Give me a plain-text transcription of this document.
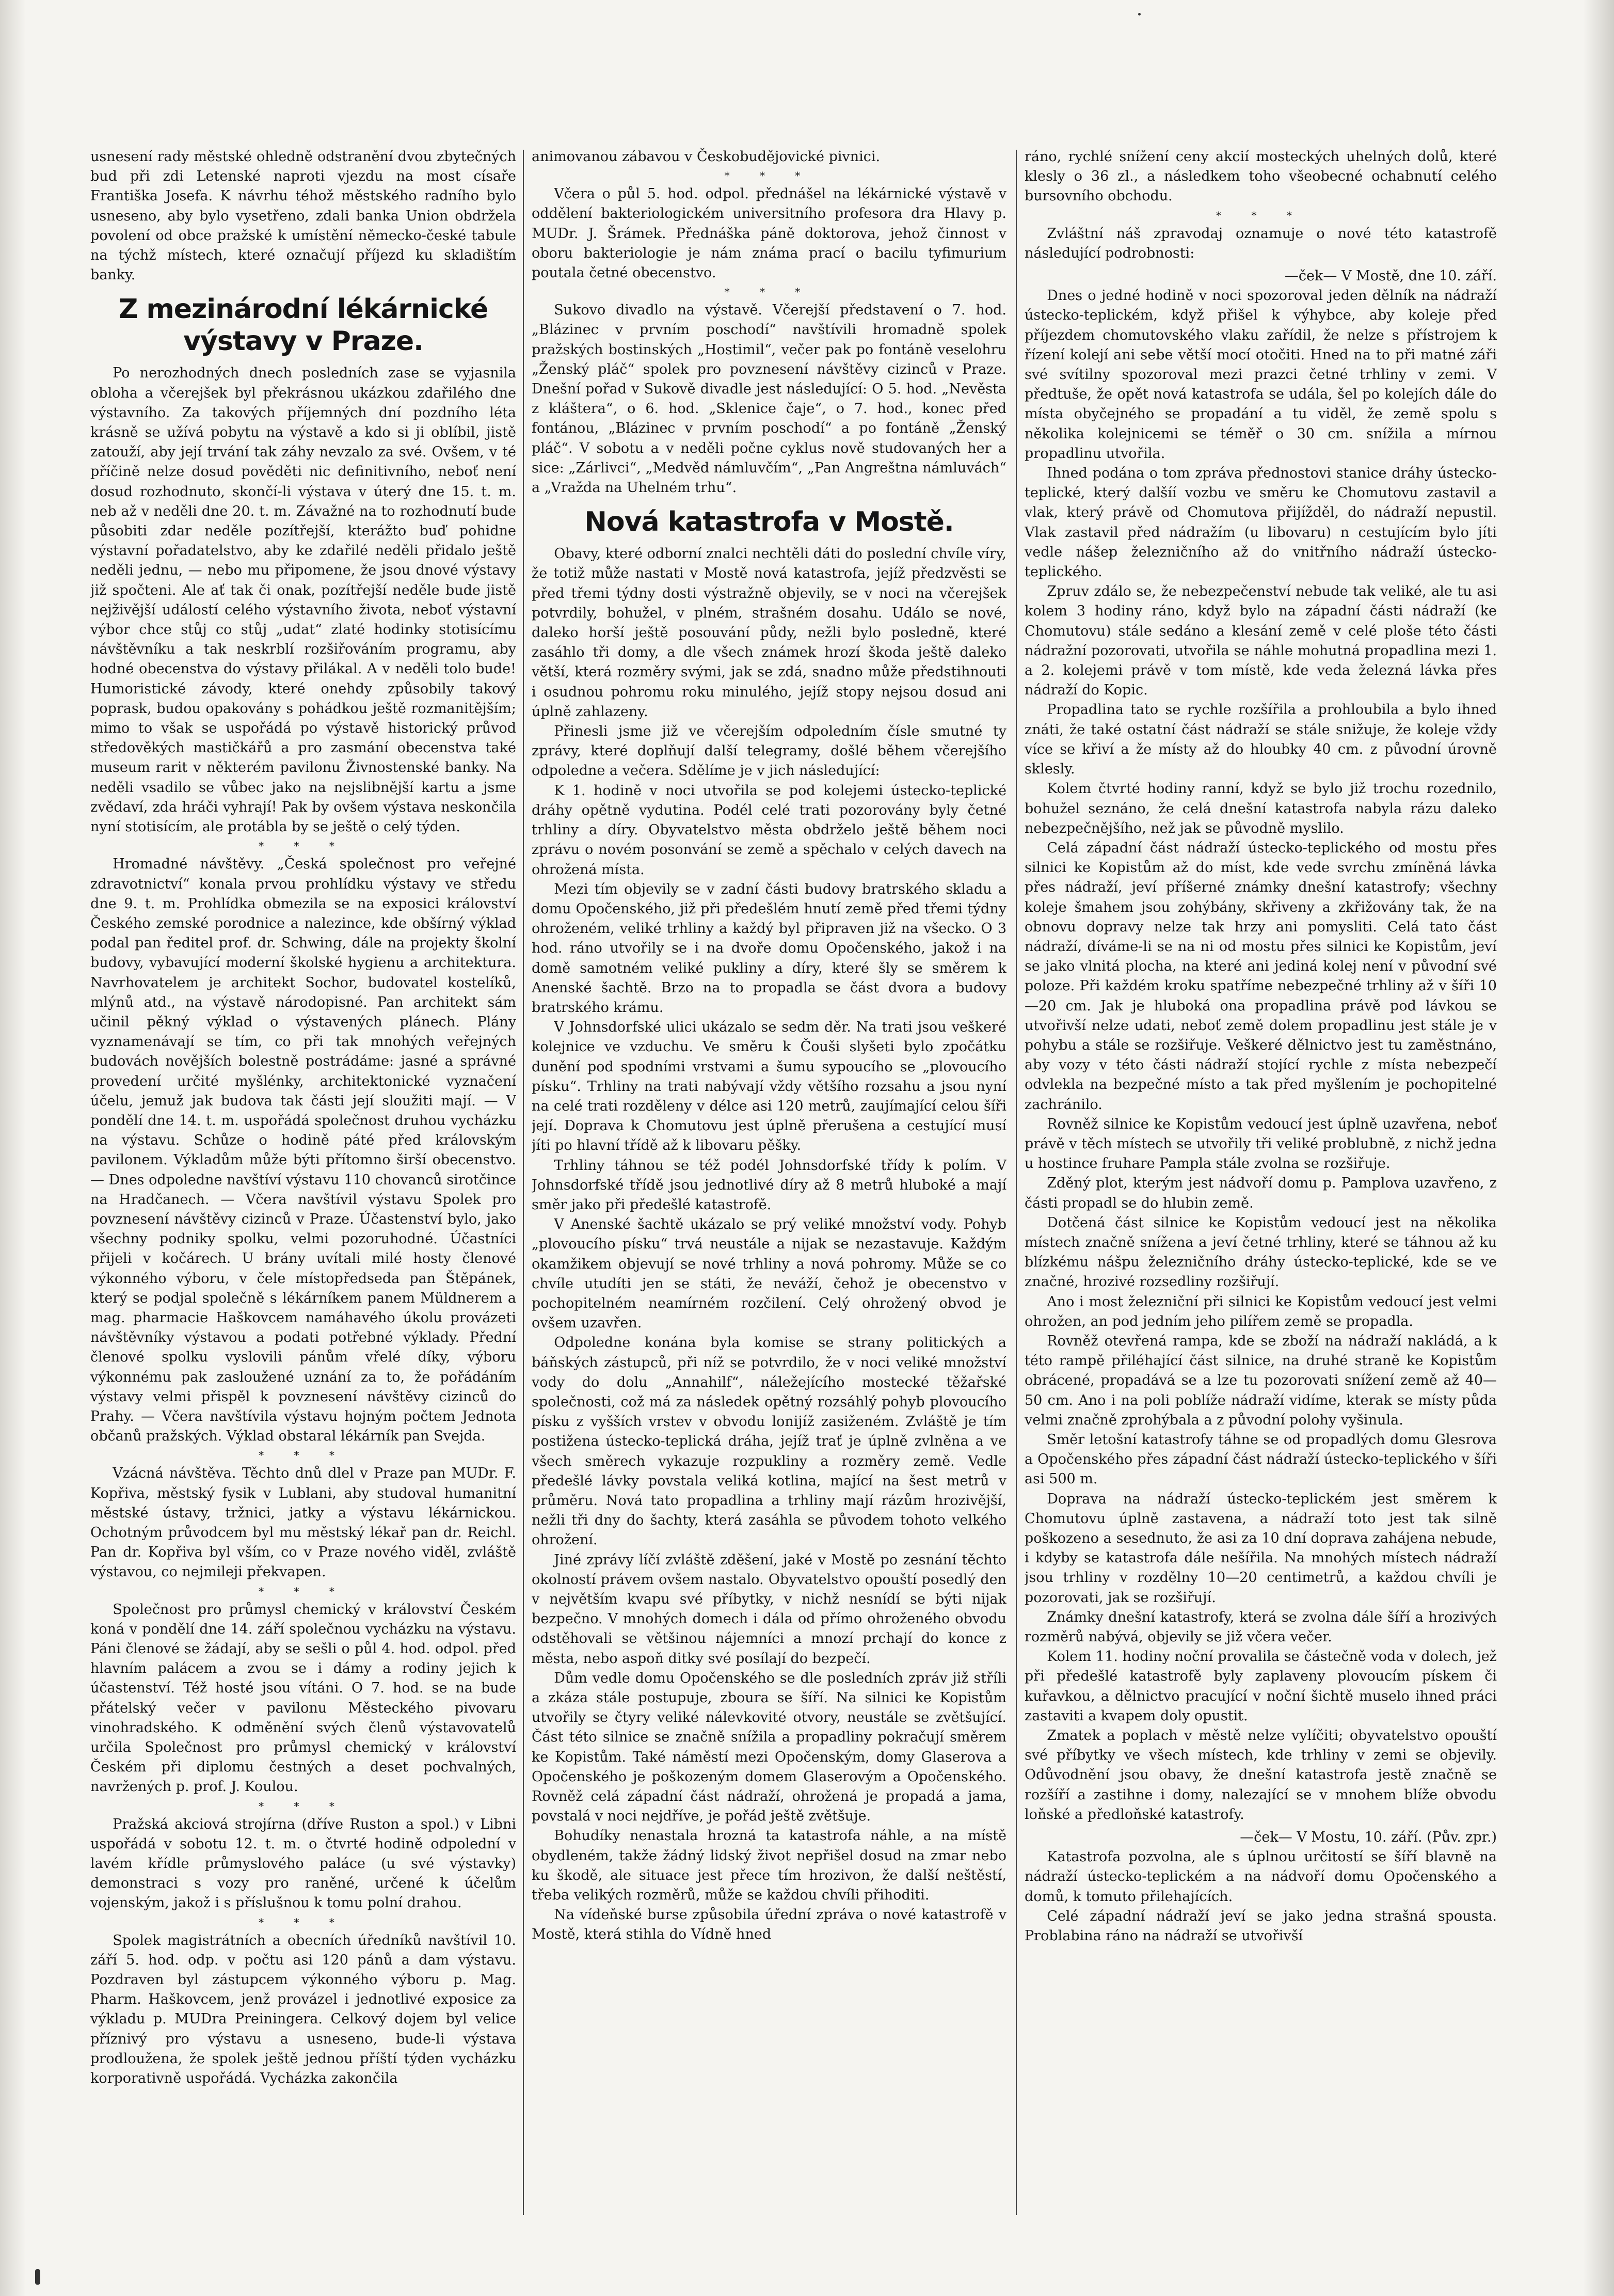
usnesení rady městské ohledně odstranění dvou zbytečných bud při zdi Letenské naproti vjezdu na most císaře Františka Josefa. K návrhu téhož městského radního bylo usneseno, aby bylo vysetřeno, zdali banka Union obdržela povolení od obce pražské k umístění německo-české tabule na týchž místech, které označují příjezd ku skladištím banky.

Z mezinárodní lékárnické výstavy v Praze.

Po nerozhodných dnech posledních zase se vyjasnila obloha a včerejšek byl překrásnou ukázkou zdařilého dne výstavního. Za takových příjemných dní pozdního léta krásně se užívá pobytu na výstavě a kdo si ji oblíbil, jistě zatouží, aby její trvání tak záhy nevzalo za své. Ovšem, v té příčině nelze dosud pověděti nic definitivního, neboť není dosud rozhodnuto, skončí-li výstava v úterý dne 15. t. m. neb až v neděli dne 20. t. m. Závažné na to rozhodnutí bude působiti zdar neděle pozítřejší, kterážto buď pohidne výstavní pořadatelstvo, aby ke zdařilé neděli přidalo ještě neděli jednu, — nebo mu připomene, že jsou dnové výstavy již spočteni. Ale ať tak či onak, pozítřejší neděle bude jistě nejživější událostí celého výstavního života, neboť výstavní výbor chce stůj co stůj „udat“ zlaté hodinky stotisícímu návštěvníku a tak neskrblí rozšiřováním programu, aby hodné obecenstva do výstavy přilákal. A v neděli tolo bude! Humoristické závody, které onehdy způsobily takový poprask, budou opakovány s pohádkou ještě rozmanitějším; mimo to však se uspořádá po výstavě historický průvod středověkých mastičkářů a pro zasmání obecenstva také museum rarit v některém pavilonu Živnostenské banky. Na neděli vsadilo se vůbec jako na nejslibnější kartu a jsme zvědaví, zda hráči vyhrají! Pak by ovšem výstava neskončila nyní stotisícím, ale protábla by se ještě o celý týden.

* * *

Hromadné návštěvy. „Česká společnost pro veřejné zdravotnictví“ konala prvou prohlídku výstavy ve středu dne 9. t. m. Prohlídka obmezila se na exposici království Českého zemské porodnice a nalezince, kde obšírný výklad podal pan ředitel prof. dr. Schwing, dále na projekty školní budovy, vybavující moderní školské hygienu a architektura. Navrhovatelem je architekt Sochor, budovatel kostelíků, mlýnů atd., na výstavě národopisné. Pan architekt sám učinil pěkný výklad o výstavených plánech. Plány vyznamenávají se tím, co při tak mnohých veřejných budovách novějších bolestně postrádáme: jasné a správné provedení určité myšlénky, architektonické vyznačení účelu, jemuž jak budova tak části její sloužiti mají. — V pondělí dne 14. t. m. uspořádá společnost druhou vycházku na výstavu. Schůze o hodině páté před královským pavilonem. Výkladům může býti přítomno širší obecenstvo. — Dnes odpoledne navštíví výstavu 110 chovanců sirotčince na Hradčanech. — Včera navštívil výstavu Spolek pro povznesení návštěvy cizinců v Praze. Účastenství bylo, jako všechny podniky spolku, velmi pozoruhodné. Účastníci přijeli v kočárech. U brány uvítali milé hosty členové výkonného výboru, v čele místopředseda pan Štěpánek, který se podjal společně s lékárníkem panem Müldnerem a mag. pharmacie Haškovcem namáhavého úkolu provázeti návštěvníky výstavou a podati potřebné výklady. Přední členové spolku vyslovili pánům vřelé díky, výboru výkonnému pak zasloužené uznání za to, že pořádáním výstavy velmi přispěl k povznesení návštěvy cizinců do Prahy. — Včera navštívila výstavu hojným počtem Jednota občanů pražských. Výklad obstaral lékárník pan Svejda.

* * *

Vzácná návštěva. Těchto dnů dlel v Praze pan MUDr. F. Kopřiva, městský fysik v Lublani, aby studoval humanitní městské ústavy, tržnici, jatky a výstavu lékárnickou. Ochotným průvodcem byl mu městský lékař pan dr. Reichl. Pan dr. Kopřiva byl vším, co v Praze nového viděl, zvláště výstavou, co nejmileji překvapen.

* * *

Společnost pro průmysl chemický v království Českém koná v pondělí dne 14. září společnou vycházku na výstavu. Páni členové se žádají, aby se sešli o půl 4. hod. odpol. před hlavním palácem a zvou se i dámy a rodiny jejich k účastenství. Též hosté jsou vítáni. O 7. hod. se na bude přátelský večer v pavilonu Městeckého pivovaru vinohradského. K odměnění svých členů výstavovatelů určila Společnost pro průmysl chemický v království Českém při diplomu čestných a deset pochvalných, navržených p. prof. J. Koulou.

* * *

Pražská akciová strojírna (dříve Ruston a spol.) v Libni uspořádá v sobotu 12. t. m. o čtvrté hodině odpolední v lavém křídle průmyslového paláce (u své výstavky) demonstraci s vozy pro raněné, určené k účelům vojenským, jakož i s příslušnou k tomu polní drahou.

* * *

Spolek magistrátních a obecních úředníků navštívil 10. září 5. hod. odp. v počtu asi 120 pánů a dam výstavu. Pozdraven byl zástupcem výkonného výboru p. Mag. Pharm. Haškovcem, jenž provázel i jednotlivé exposice za výkladu p. MUDra Preiningera. Celkový dojem byl velice příznivý pro výstavu a usneseno, bude-li výstava prodloužena, že spolek ještě jednou příští týden vycházku korporativně uspořádá. Vycházka zakončila

animovanou zábavou v Českobudějovické pivnici.

* * *

Včera o půl 5. hod. odpol. přednášel na lékárnické výstavě v oddělení bakteriologickém universitního profesora dra Hlavy p. MUDr. J. Šrámek. Přednáška páně doktorova, jehož činnost v oboru bakteriologie je nám známa prací o bacilu tyfimurium poutala četné obecenstvo.

* * *

Sukovo divadlo na výstavě. Včerejší představení o 7. hod. „Blázinec v prvním poschodí“ navštívili hromadně spolek pražských bostinských „Hostimil“, večer pak po fontáně veselohru „Ženský pláč“ spolek pro povznesení návštěvy cizinců v Praze. Dnešní pořad v Sukově divadle jest následující: O 5. hod. „Nevěsta z kláštera“, o 6. hod. „Sklenice čaje“, o 7. hod., konec před fontánou, „Blázinec v prvním poschodí“ a po fontáně „Ženský pláč“. V sobotu a v neděli počne cyklus nově studovaných her a sice: „Zárlivci“, „Medvěd námluvčím“, „Pan Angreštna námluvách“ a „Vražda na Uhelném trhu“.

Nová katastrofa v Mostě.

Obavy, které odborní znalci nechtěli dáti do poslední chvíle víry, že totiž může nastati v Mostě nová katastrofa, jejíž předzvěsti se před třemi týdny dosti výstražně objevily, se v noci na včerejšek potvrdily, bohužel, v plném, strašném dosahu. Událo se nové, daleko horší ještě posouvání půdy, nežli bylo posledně, které zasáhlo tři domy, a dle všech známek hrozí škoda ještě daleko větší, která rozměry svými, jak se zdá, snadno může předstihnouti i osudnou pohromu roku minulého, jejíž stopy nejsou dosud ani úplně zahlazeny.

Přinesli jsme již ve včerejším odpoledním čísle smutné ty zprávy, které doplňují další telegramy, došlé během včerejšího odpoledne a večera. Sdělíme je v jich následující:

K 1. hodině v noci utvořila se pod kolejemi ústecko-teplické dráhy opětně vydutina. Podél celé trati pozorovány byly četné trhliny a díry. Obyvatelstvo města obdrželo ještě během noci zprávu o novém posonvání se země a spěchalo v celých davech na ohrožená místa.

Mezi tím objevily se v zadní části budovy bratrského skladu a domu Opočenského, již při předešlém hnutí země před třemi týdny ohroženém, veliké trhliny a každý byl připraven již na všecko. O 3 hod. ráno utvořily se i na dvoře domu Opočenského, jakož i na domě samotném veliké pukliny a díry, které šly se směrem k Anenské šachtě. Brzo na to propadla se část dvora a budovy bratrského krámu.

V Johnsdorfské ulici ukázalo se sedm děr. Na trati jsou veškeré kolejnice ve vzduchu. Ve směru k Čouši slyšeti bylo zpočátku dunění pod spodními vrstvami a šumu sypoucího se „plovoucího písku“. Trhliny na trati nabývají vždy většího rozsahu a jsou nyní na celé trati rozděleny v délce asi 120 metrů, zaujímající celou šíři její. Doprava k Chomutovu jest úplně přerušena a cestující musí jíti po hlavní třídě až k libovaru pěšky.

Trhliny táhnou se též podél Johnsdorfské třídy k polím. V Johnsdorfské třídě jsou jednotlivé díry až 8 metrů hluboké a mají směr jako při předešlé katastrofě.

V Anenské šachtě ukázalo se prý veliké množství vody. Pohyb „plovoucího písku“ trvá neustále a nijak se nezastavuje. Každým okamžikem objevují se nové trhliny a nová pohromy. Může se co chvíle utudíti jen se státi, že neváží, čehož je obecenstvo v pochopitelném neamírném rozčilení. Celý ohrožený obvod je ovšem uzavřen.

Odpoledne konána byla komise se strany politických a báňských zástupců, při níž se potvrdilo, že v noci veliké množství vody do dolu „Annahilf“, náležejícího mostecké těžařské společnosti, což má za následek opětný rozsáhlý pohyb plovoucího písku z vyšších vrstev v obvodu lonijíž zasiženém. Zvláště je tím postižena ústecko-teplická dráha, jejíž trať je úplně zvlněna a ve všech směrech vykazuje rozpukliny a rozměry země. Vedle předešlé lávky povstala veliká kotlina, mající na šest metrů v průměru. Nová tato propadlina a trhliny mají rázům hrozivější, nežli tři dny do šachty, která zasáhla se původem tohoto velkého ohrožení.

Jiné zprávy líčí zvláště zděšení, jaké v Mostě po zesnání těchto okolností právem ovšem nastalo. Obyvatelstvo opouští posedlý den v největším kvapu své příbytky, v nichž nesnídí se býti nijak bezpečno. V mnohých domech i dála od přímo ohroženého obvodu odstěhovali se většinou nájemníci a mnozí prchají do konce z města, nebo aspoň ditky své posílají do bezpečí.

Dům vedle domu Opočenského se dle posledních zpráv již stříli a zkáza stále postupuje, zboura se šíří. Na silnici ke Kopistům utvořily se čtyry veliké nálevkovité otvory, neustále se zvětšující. Část této silnice se značně snížila a propadliny pokračují směrem ke Kopistům. Také náměstí mezi Opočenským, domy Glaserova a Opočenského je poškozeným domem Glaserovým a Opočenského. Rovněž celá západní část nádraží, ohrožená je propadá a jama, povstalá v noci nejdříve, je pořád ještě zvětšuje.

Bohudíky nenastala hrozná ta katastrofa náhle, a na místě obydleném, takže žádný lidský život nepřišel dosud na zmar nebo ku škodě, ale situace jest přece tím hrozivon, že další neštěstí, třeba velikých rozměrů, může se každou chvíli přihoditi.

Na vídeňské burse způsobila úřední zpráva o nové katastrofě v Mostě, která stihla do Vídně hned

ráno, rychlé snížení ceny akcií mosteckých uhelných dolů, které klesly o 36 zl., a následkem toho všeobecné ochabnutí celého bursovního obchodu.

* * *

Zvláštní náš zpravodaj oznamuje o nové této katastrofě následující podrobnosti:

—ček— V Mostě, dne 10. září.

Dnes o jedné hodině v noci spozoroval jeden dělník na nádraží ústecko-teplickém, když přišel k výhybce, aby koleje před příjezdem chomutovského vlaku zařídil, že nelze s přístrojem k řízení kolejí ani sebe větší mocí otočiti. Hned na to při matné záři své svítilny spozoroval mezi prazci četné trhliny v zemi. V předtuše, že opět nová katastrofa se udála, šel po kolejích dále do místa obyčejného se propadání a tu viděl, že země spolu s několika kolejnicemi se téměř o 30 cm. snížila a mírnou propadlinu utvořila.

Ihned podána o tom zpráva přednostovi stanice dráhy ústecko-teplické, který dalšíí vozbu ve směru ke Chomutovu zastavil a vlak, který právě od Chomutova přijížděl, do nádraží nepustil. Vlak zastavil před nádražím (u libovaru) n cestujícím bylo jíti vedle nášep železničního až do vnitřního nádraží ústecko-teplického.

Zpruv zdálo se, že nebezpečenství nebude tak veliké, ale tu asi kolem 3 hodiny ráno, když bylo na západní části nádraží (ke Chomutovu) stále sedáno a klesání země v celé ploše této části nádražní pozorovati, utvořila se náhle mohutná propadlina mezi 1. a 2. kolejemi právě v tom místě, kde veda železná lávka přes nádraží do Kopic.

Propadlina tato se rychle rozšířila a prohloubila a bylo ihned znáti, že také ostatní část nádraží se stále snižuje, že koleje vždy více se křiví a že místy až do hloubky 40 cm. z původní úrovně sklesly.

Kolem čtvrté hodiny ranní, když se bylo již trochu rozednilo, bohužel seznáno, že celá dnešní katastrofa nabyla rázu daleko nebezpečnějšího, než jak se původně myslilo.

Celá západní část nádraží ústecko-teplického od mostu přes silnici ke Kopistům až do míst, kde vede svrchu zmíněná lávka přes nádraží, jeví příšerné známky dnešní katastrofy; všechny koleje šmahem jsou zohýbány, skřiveny a zkřižovány tak, že na obnovu dopravy nelze tak hrzy ani pomysliti. Celá tato část nádraží, díváme-li se na ni od mostu přes silnici ke Kopistům, jeví se jako vlnitá plocha, na které ani jediná kolej není v původní své poloze. Při každém kroku spatříme nebezpečné trhliny až v šíři 10—20 cm. Jak je hluboká ona propadlina právě pod lávkou se utvořivší nelze udati, neboť země dolem propadlinu jest stále je v pohybu a stále se rozšiřuje. Veškeré dělnictvo jest tu zaměstnáno, aby vozy v této části nádraží stojící rychle z místa nebezpečí odvlekla na bezpečné místo a tak před myšlením je pochopitelné zachránilo.

Rovněž silnice ke Kopistům vedoucí jest úplně uzavřena, neboť právě v těch místech se utvořily tři veliké problubně, z nichž jedna u hostince fruhare Pampla stále zvolna se rozšiřuje.

Zděný plot, kterým jest nádvoří domu p. Pamplova uzavřeno, z části propadl se do hlubin země.

Dotčená část silnice ke Kopistům vedoucí jest na několika místech značně snížena a jeví četné trhliny, které se táhnou až ku blízkému nášpu železničního dráhy ústecko-teplické, kde se ve značné, hrozivé rozsedliny rozšiřují.

Ano i most železniční při silnici ke Kopistům vedoucí jest velmi ohrožen, an pod jedním jeho pilířem země se propadla.

Rovněž otevřená rampa, kde se zboží na nádraží nakládá, a k této rampě přiléhající část silnice, na druhé straně ke Kopistům obrácené, propadává se a lze tu pozorovati snížení země až 40—50 cm. Ano i na poli poblíže nádraží vidíme, kterak se místy půda velmi značně zprohýbala a z původní polohy vyšinula.

Směr letošní katastrofy táhne se od propadlých domu Glesrova a Opočenského přes západní část nádraží ústecko-teplického v šíři asi 500 m.

Doprava na nádraží ústecko-teplickém jest směrem k Chomutovu úplně zastavena, a nádraží toto jest tak silně poškozeno a sesednuto, že asi za 10 dní doprava zahájena nebude, i kdyby se katastrofa dále nešířila. Na mnohých místech nádraží jsou trhliny v rozdělny 10—20 centimetrů, a každou chvíli je pozorovati, jak se rozšiřují.

Známky dnešní katastrofy, která se zvolna dále šíří a hrozivých rozměrů nabývá, objevily se již včera večer.

Kolem 11. hodiny noční provalila se částečně voda v dolech, jež při předešlé katastrofě byly zaplaveny plovoucím pískem či kuřavkou, a dělnictvo pracující v noční šichtě muselo ihned práci zastaviti a kvapem doly opustit.

Zmatek a poplach v městě nelze vylíčiti; obyvatelstvo opouští své příbytky ve všech místech, kde trhliny v zemi se objevily. Odůvodnění jsou obavy, že dnešní katastrofa jestě značně se rozšíří a zastihne i domy, nalezající se v mnohem blíže obvodu loňské a předloňské katastrofy.

—ček— V Mostu, 10. září. (Pův. zpr.)

Katastrofa pozvolna, ale s úplnou určitostí se šíří blavně na nádraží ústecko-teplickém a na nádvoří domu Opočenského a domů, k tomuto přilehajících.

Celé západní nádraží jeví se jako jedna strašná spousta. Problabina ráno na nádraží se utvořivší
